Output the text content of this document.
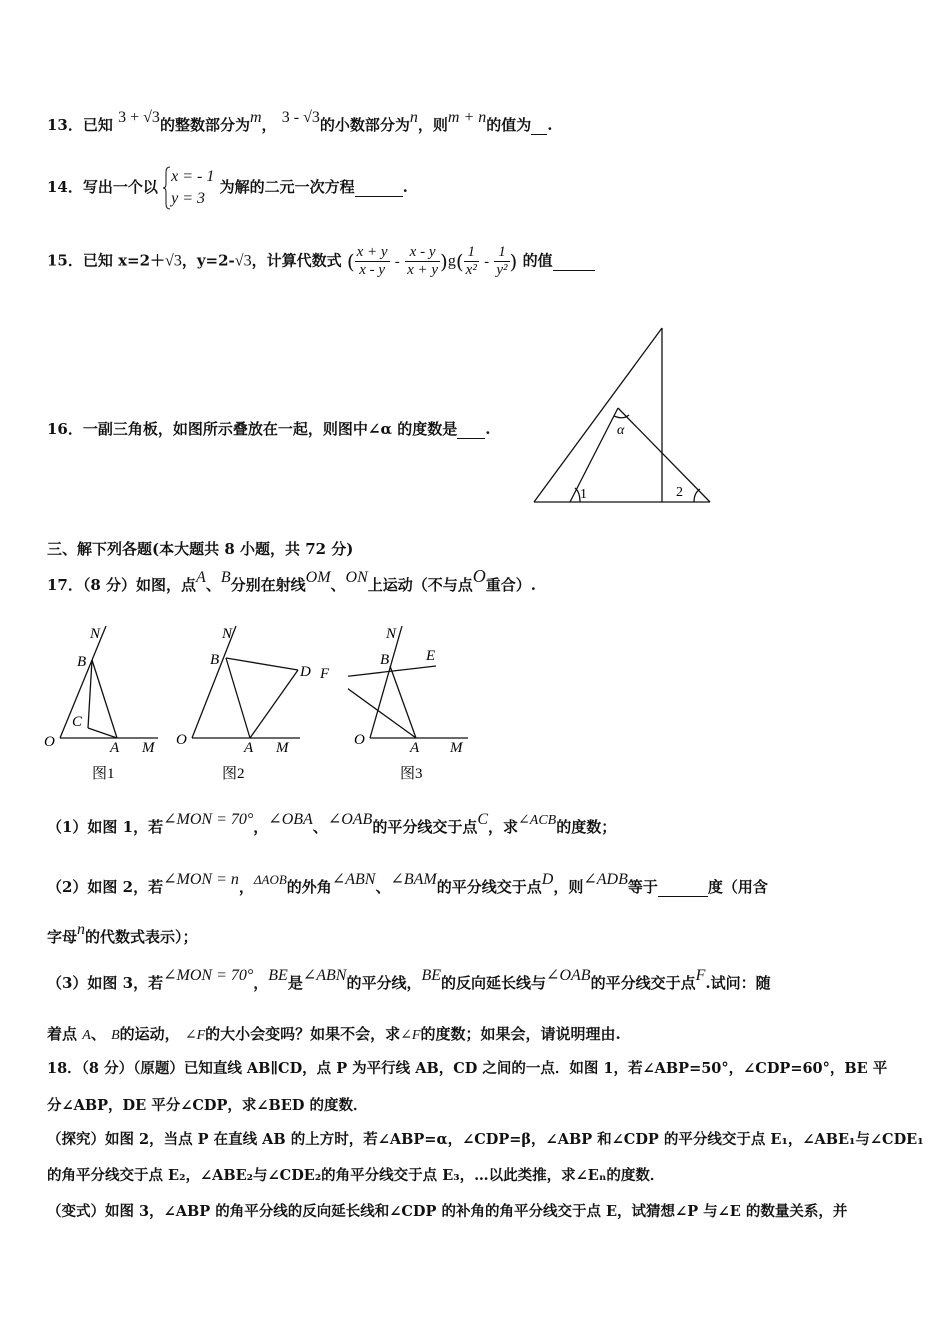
13．已知 3 + √3的整数部分为m， 3 - √3的小数部分为n，则m + n的值为 .
14．写出一个以
x = - 1
y = 3
为解的二元一次方程	.
15．已知 x=2＋√3，y=2-√3，计算代数式 ( $\frac{x + y}{x - y} - \frac{x - y}{x + y} )g( \frac{1}{\text{x²}} - \frac{1}{\text{y²}}$ ) 的值
16．一副三角板，如图所示叠放在一起，则图中∠α 的度数是 .	α
1	2
三、解下列各题(本大题共 8 小题，共 72 分)
17．（8 分）如图，点A、B分别在射线OM、ON上运动（不与点O重合）.
N
B
C
O	A M
图1
N
B
D
O	A M
图2
N
B E
O	A M
图3
F
（1）如图 1，若∠MON = 70°，∠OBA、∠OAB的平分线交于点C，求∠ACB的度数；
（2）如图 2，若∠MON = n，ΔAOB的外角∠ABN、∠BAM的平分线交于点D，则∠ADB等于	度（用含
字母n的代数式表示）；
（3）如图 3，若∠MON = 70°，BE是∠ABN的平分线，BE的反向延长线与∠OAB的平分线交于点F.试问：随
着点 A、 B的运动， ∠F的大小会变吗？如果不会，求∠F的度数；如果会，请说明理由.
18．（8 分）（原题）已知直线 AB∥CD，点 P 为平行线 AB，CD 之间的一点．如图 1，若∠ABP=50°，∠CDP=60°，BE 平
分∠ABP，DE 平分∠CDP，求∠BED 的度数．
（探究）如图 2，当点 P 在直线 AB 的上方时，若∠ABP=α，∠CDP=β，∠ABP 和∠CDP 的平分线交于点 E₁，∠ABE₁与∠CDE₁
的角平分线交于点 E₂，∠ABE₂与∠CDE₂的角平分线交于点 E₃，…以此类推，求∠Eₙ的度数．
（变式）如图 3，∠ABP 的角平分线的反向延长线和∠CDP 的补角的角平分线交于点 E，试猜想∠P 与∠E 的数量关系，并
